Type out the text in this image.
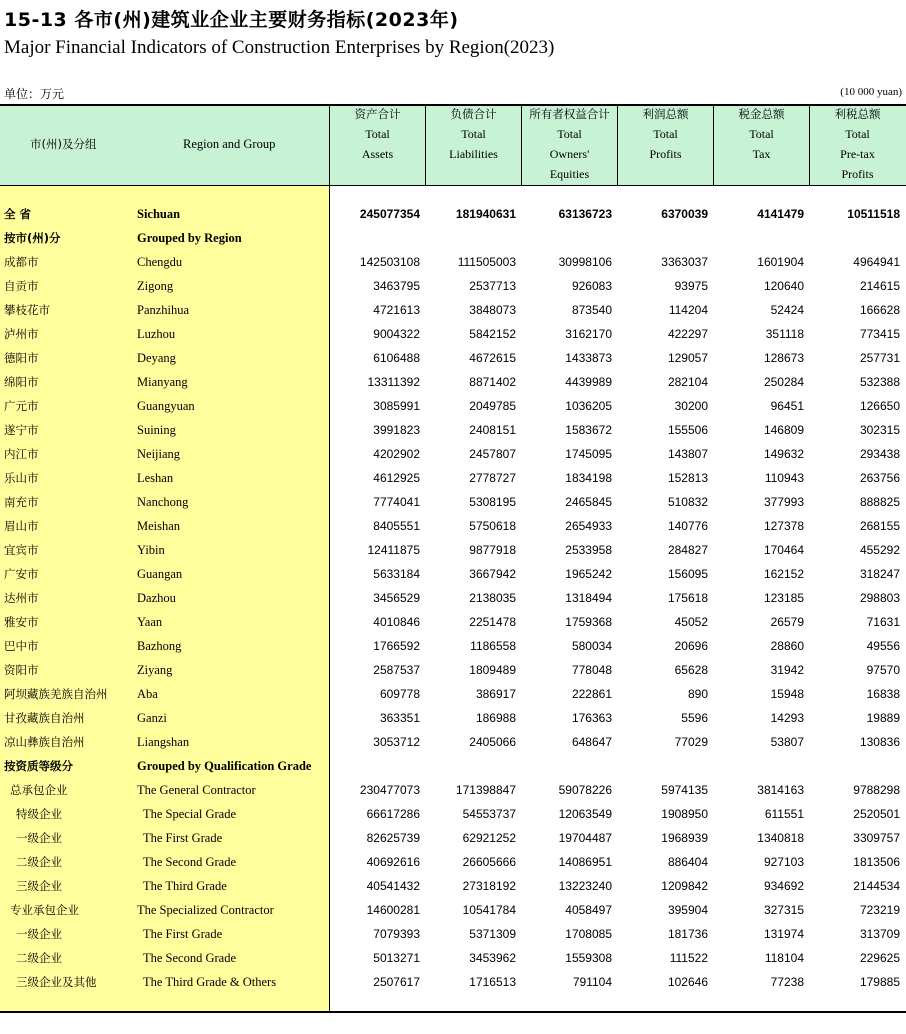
15-13 各市(州)建筑业企业主要财务指标(2023年)
Major Financial Indicators of Construction Enterprises by Region(2023)
单位：万元	(10 000 yuan)
市(州)及分组	Region and Group
资产合计
Total
Assets
负债合计
Total
Liabilities
所有者权益合计
Total
Owners'
Equities
利润总额
Total
Profits
税金总额
Total
Tax
利税总额
Total
Pre-tax
Profits
全 省	Sichuan	245077354	181940631	63136723	6370039	4141479	10511518
按市(州)分	Grouped by Region
成都市	Chengdu	142503108	111505003	30998106	3363037	1601904	4964941
自贡市	Zigong	3463795	2537713	926083	93975	120640	214615
攀枝花市	Panzhihua	4721613	3848073	873540	114204	52424	166628
泸州市	Luzhou	9004322	5842152	3162170	422297	351118	773415
德阳市	Deyang	6106488	4672615	1433873	129057	128673	257731
绵阳市	Mianyang	13311392	8871402	4439989	282104	250284	532388
广元市	Guangyuan	3085991	2049785	1036205	30200	96451	126650
遂宁市	Suining	3991823	2408151	1583672	155506	146809	302315
内江市	Neijiang	4202902	2457807	1745095	143807	149632	293438
乐山市	Leshan	4612925	2778727	1834198	152813	110943	263756
南充市	Nanchong	7774041	5308195	2465845	510832	377993	888825
眉山市	Meishan	8405551	5750618	2654933	140776	127378	268155
宜宾市	Yibin	12411875	9877918	2533958	284827	170464	455292
广安市	Guangan	5633184	3667942	1965242	156095	162152	318247
达州市	Dazhou	3456529	2138035	1318494	175618	123185	298803
雅安市	Yaan	4010846	2251478	1759368	45052	26579	71631
巴中市	Bazhong	1766592	1186558	580034	20696	28860	49556
资阳市	Ziyang	2587537	1809489	778048	65628	31942	97570
阿坝藏族羌族自治州 Aba	609778	386917	222861	890	15948	16838
甘孜藏族自治州	Ganzi	363351	186988	176363	5596	14293	19889
凉山彝族自治州	Liangshan	3053712	2405066	648647	77029	53807	130836
按资质等级分	Grouped by Qualification Grade
总承包企业	The General Contractor	230477073	171398847	59078226	5974135	3814163	9788298
特级企业	The Special Grade	66617286	54553737	12063549	1908950	611551	2520501
一级企业	The First Grade	82625739	62921252	19704487	1968939	1340818	3309757
二级企业	The Second Grade	40692616	26605666	14086951	886404	927103	1813506
三级企业	The Third Grade	40541432	27318192	13223240	1209842	934692	2144534
专业承包企业	The Specialized Contractor	14600281	10541784	4058497	395904	327315	723219
一级企业	The First Grade	7079393	5371309	1708085	181736	131974	313709
二级企业	The Second Grade	5013271	3453962	1559308	111522	118104	229625
三级企业及其他	The Third Grade & Others	2507617	1716513	791104	102646	77238	179885
